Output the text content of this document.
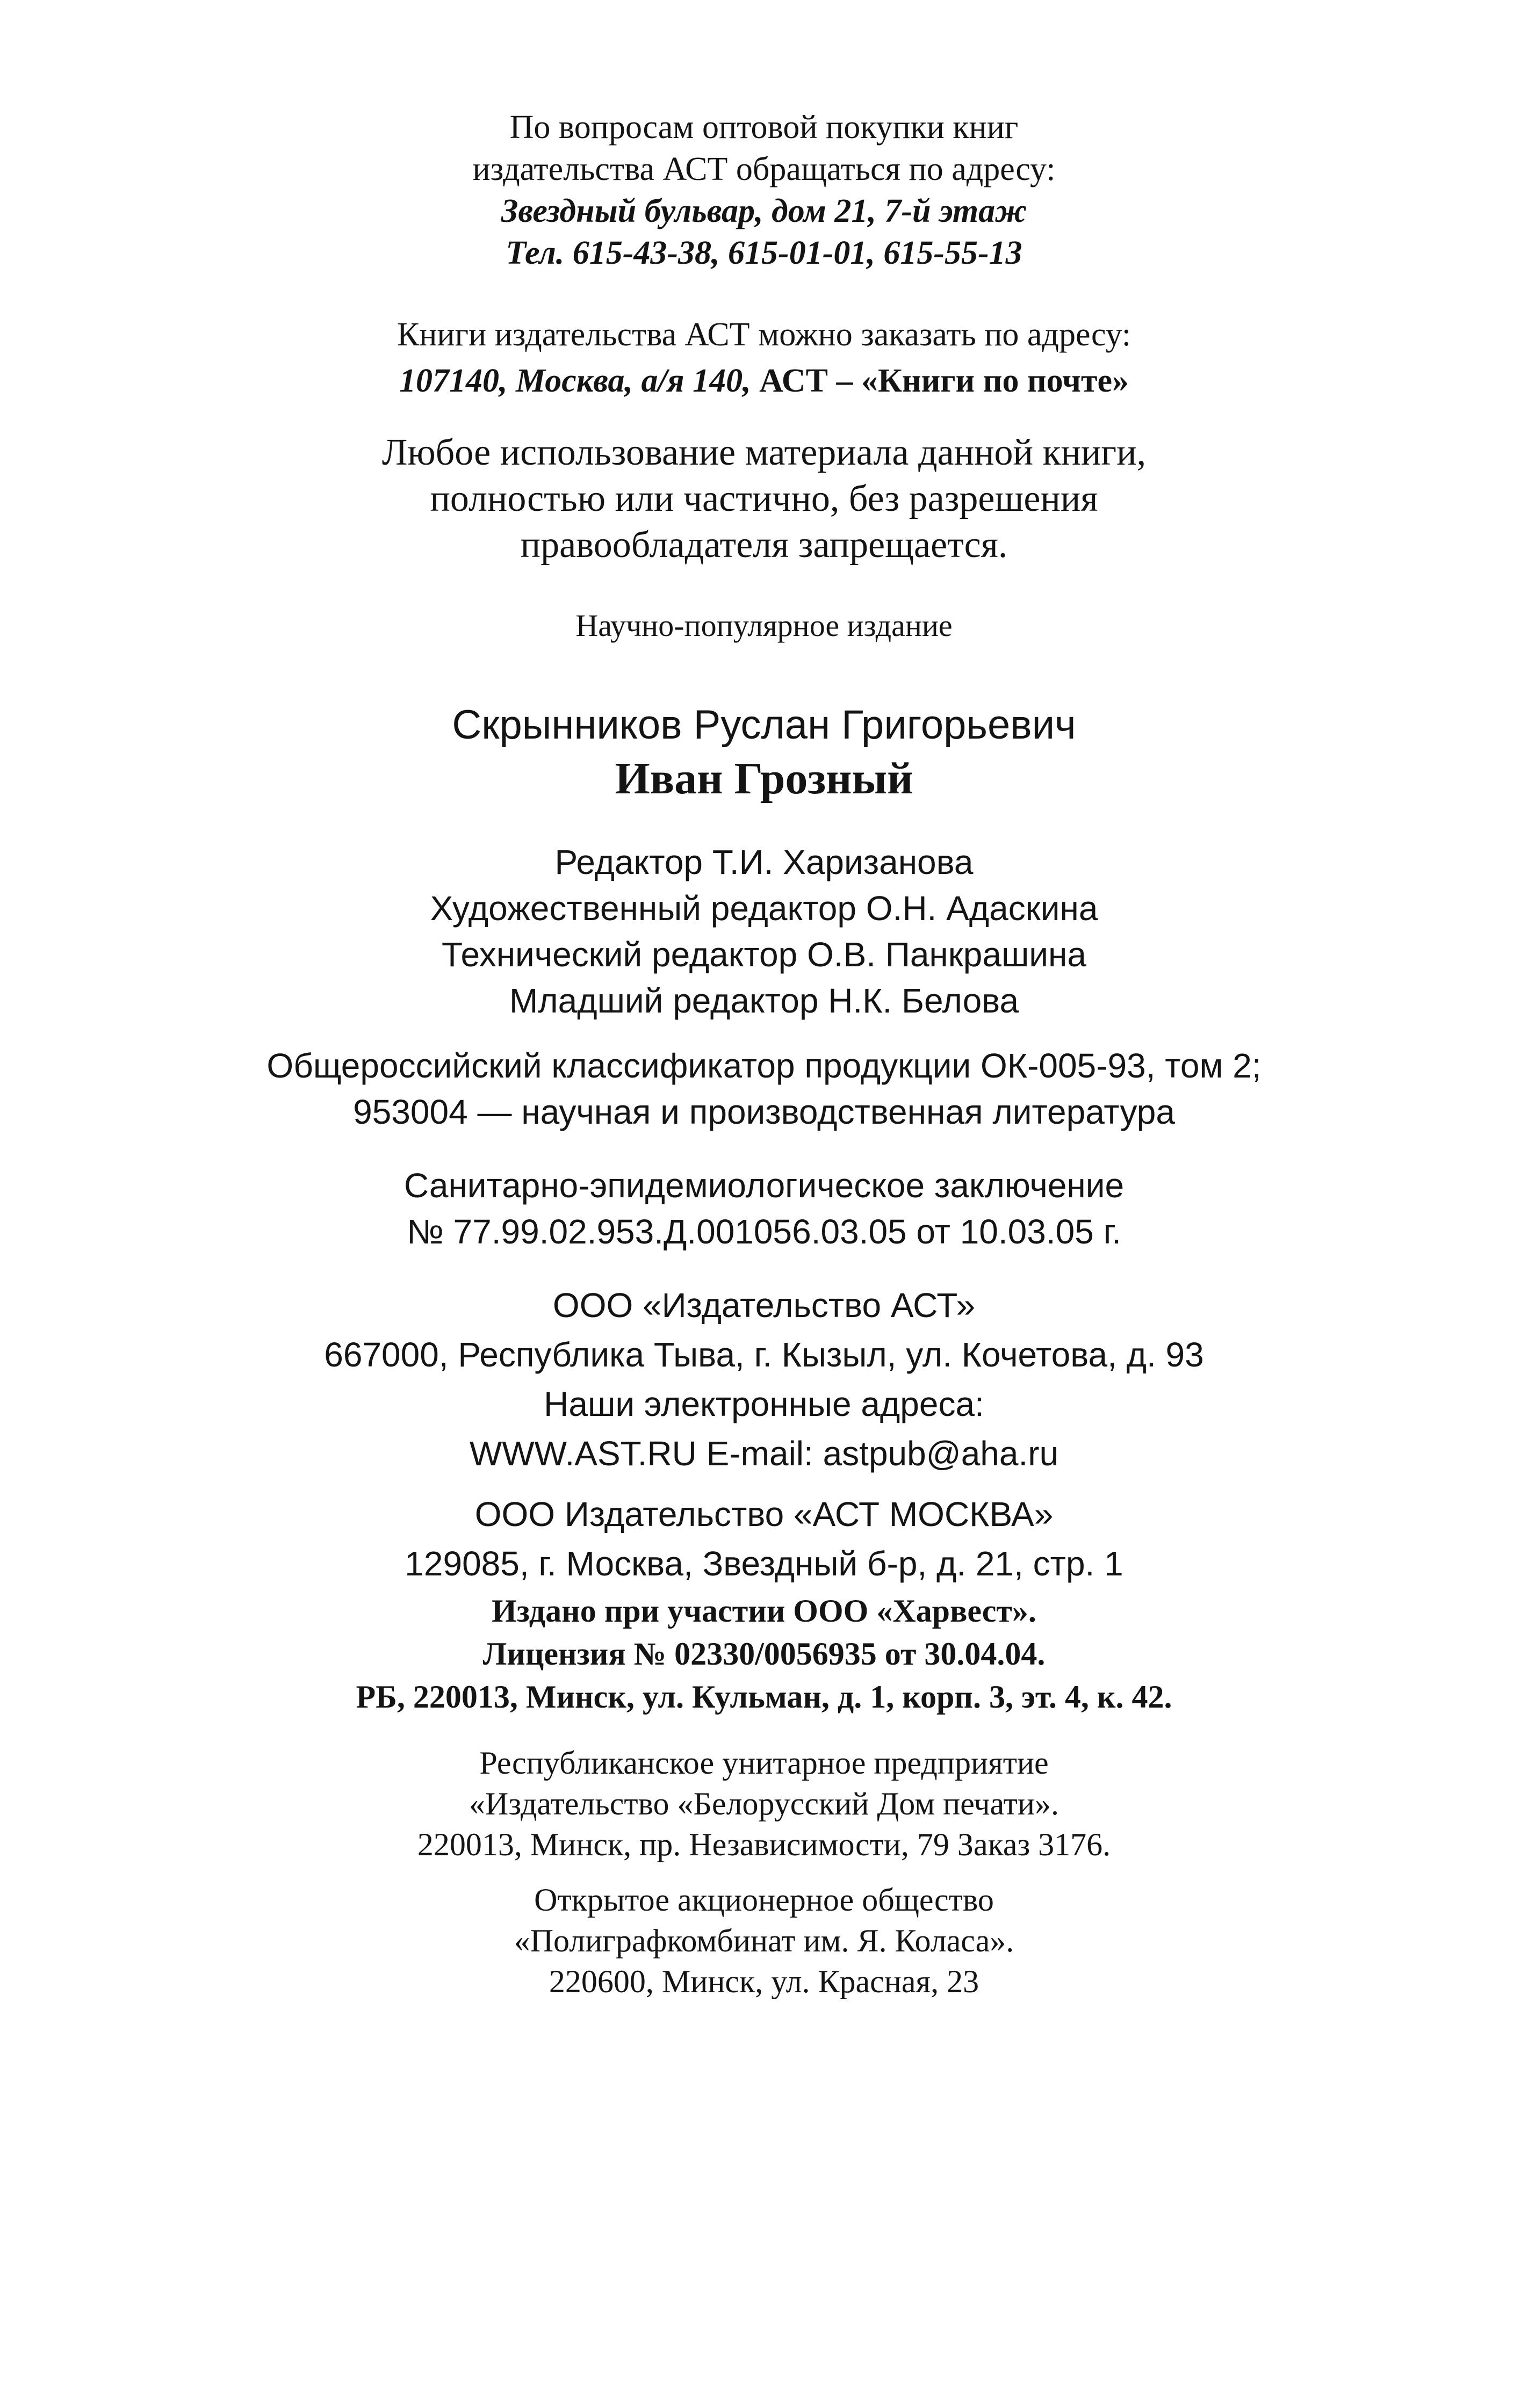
По вопросам оптовой покупки книг
издательства АСТ обращаться по адресу:
Звездный бульвар, дом 21, 7-й этаж
Тел. 615-43-38, 615-01-01, 615-55-13
Книги издательства АСТ можно заказать по адресу:
107140, Москва, а/я 140, АСТ – «Книги по почте»
Любое использование материала данной книги,
полностью или частично, без разрешения
правообладателя запрещается.
Научно-популярное издание
Скрынников Руслан Григорьевич
Иван Грозный
Редактор Т.И. Харизанова
Художественный редактор О.Н. Адаскина
Технический редактор О.В. Панкрашина
Младший редактор Н.К. Белова
Общероссийский классификатор продукции ОК-005-93, том 2;
953004 — научная и производственная литература
Санитарно-эпидемиологическое заключение
№ 77.99.02.953.Д.001056.03.05 от 10.03.05 г.
ООО «Издательство АСТ»
667000, Республика Тыва, г. Кызыл, ул. Кочетова, д. 93
Наши электронные адреса:
WWW.AST.RU E-mail: astpub@aha.ru
ООО Издательство «АСТ МОСКВА»
129085, г. Москва, Звездный б-р, д. 21, стр. 1
Издано при участии ООО «Харвест».
Лицензия № 02330/0056935 от 30.04.04.
РБ, 220013, Минск, ул. Кульман, д. 1, корп. 3, эт. 4, к. 42.
Республиканское унитарное предприятие
«Издательство «Белорусский Дом печати».
220013, Минск, пр. Независимости, 79 Заказ 3176.
Открытое акционерное общество
«Полиграфкомбинат им. Я. Коласа».
220600, Минск, ул. Красная, 23
